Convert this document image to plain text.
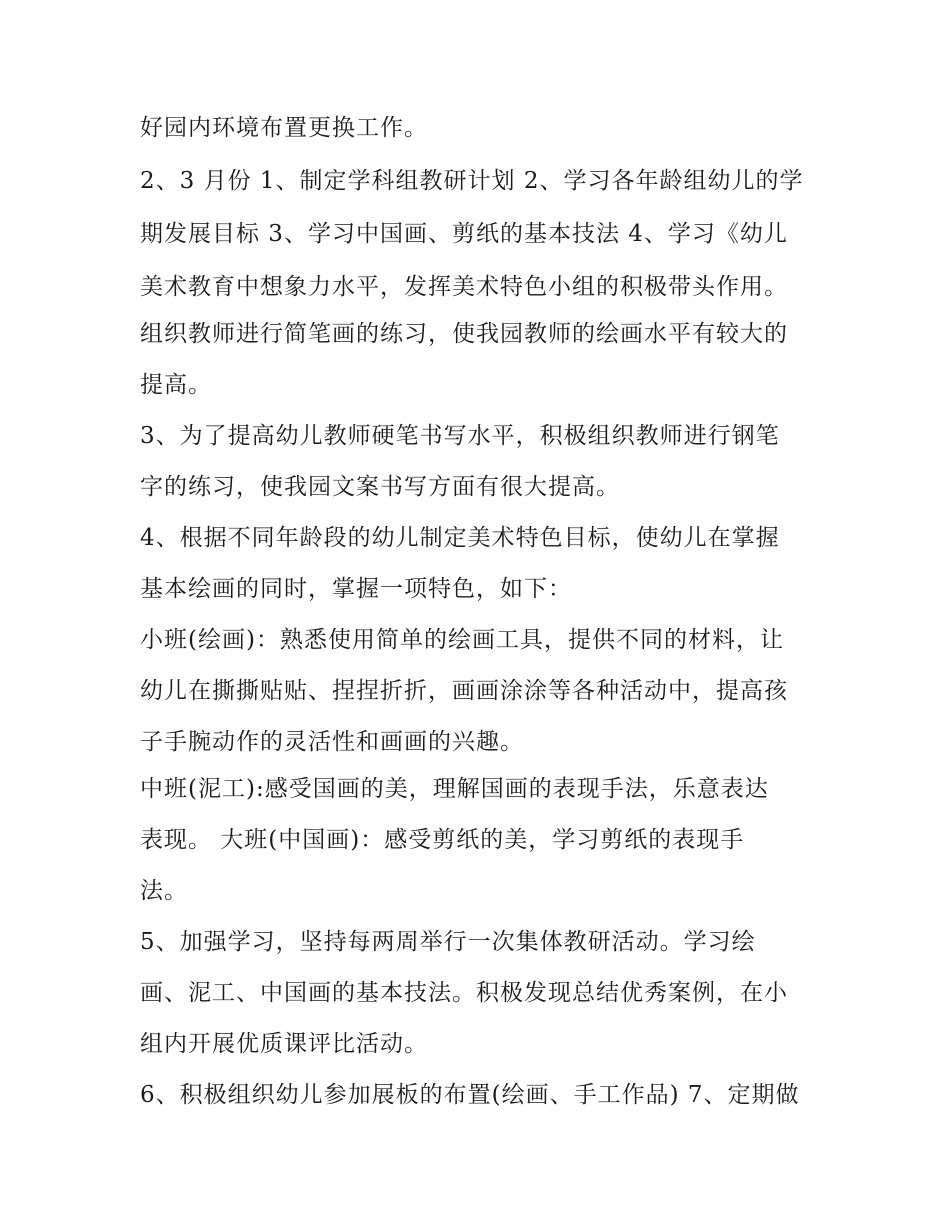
好园内环境布置更换工作。

2、3 月份 1、制定学科组教研计划 2、学习各年龄组幼儿的学

期发展目标 3、学习中国画、剪纸的基本技法 4、学习《幼儿

美术教育中想象力水平，发挥美术特色小组的积极带头作用。

组织教师进行简笔画的练习，使我园教师的绘画水平有较大的

提高。

3、为了提高幼儿教师硬笔书写水平，积极组织教师进行钢笔

字的练习，使我园文案书写方面有很大提高。

4、根据不同年龄段的幼儿制定美术特色目标，使幼儿在掌握

基本绘画的同时，掌握一项特色，如下：

小班(绘画)：熟悉使用简单的绘画工具，提供不同的材料，让

幼儿在撕撕贴贴、捏捏折折，画画涂涂等各种活动中，提高孩

子手腕动作的灵活性和画画的兴趣。

中班(泥工):感受国画的美，理解国画的表现手法，乐意表达

表现。 大班(中国画)：感受剪纸的美，学习剪纸的表现手

法。

5、加强学习，坚持每两周举行一次集体教研活动。学习绘

画、泥工、中国画的基本技法。积极发现总结优秀案例，在小

组内开展优质课评比活动。

6、积极组织幼儿参加展板的布置(绘画、手工作品) 7、定期做
